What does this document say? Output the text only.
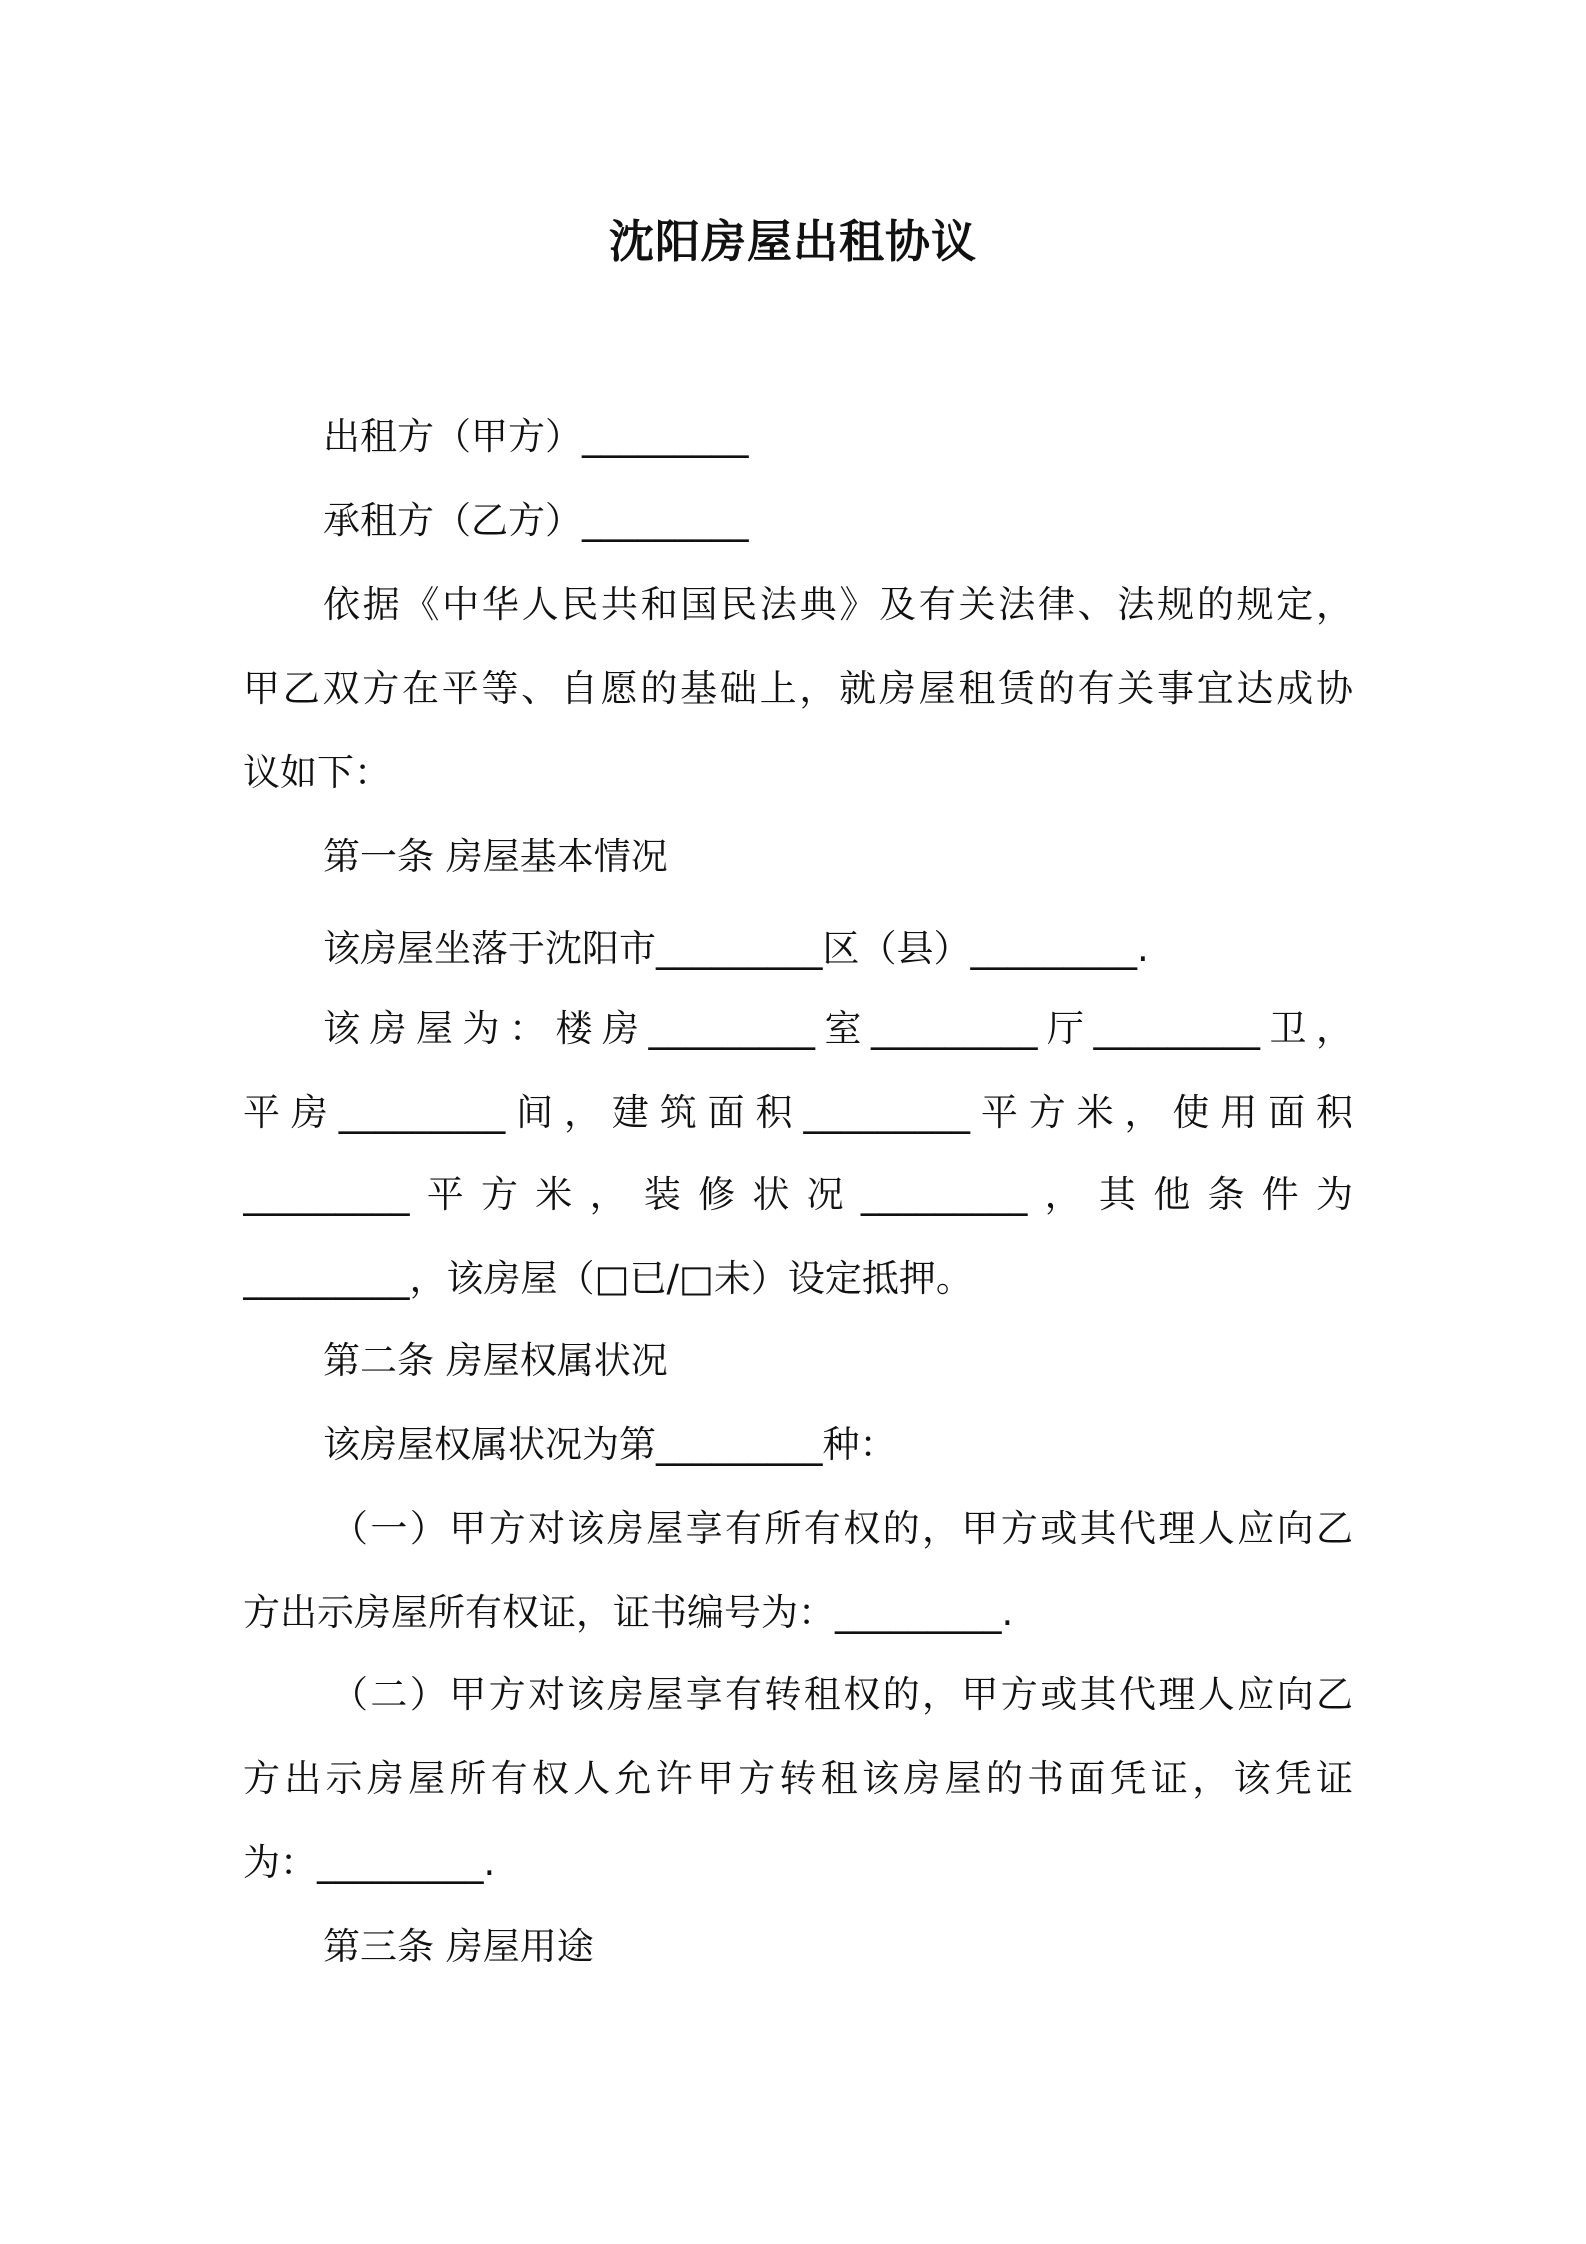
沈阳房屋出租协议
出租方（甲方）_________
承租方（乙方）_________
依据《中华人民共和国民法典》及有关法律、法规的规定，
甲乙双方在平等、自愿的基础上，就房屋租赁的有关事宜达成协
议如下：
第一条 房屋基本情况
该房屋坐落于沈阳市_________区（县）_________.
该房屋为：楼房_________室_________厅_________卫，
平房_________间，建筑面积_________平方米，使用面积
_________平方米，装修状况_________，其他条件为
_________，该房屋（□已/□未）设定抵押。
第二条 房屋权属状况
该房屋权属状况为第_________种：
（一）甲方对该房屋享有所有权的，甲方或其代理人应向乙
方出示房屋所有权证，证书编号为：_________.
（二）甲方对该房屋享有转租权的，甲方或其代理人应向乙
方出示房屋所有权人允许甲方转租该房屋的书面凭证，该凭证
为：_________.
第三条 房屋用途
